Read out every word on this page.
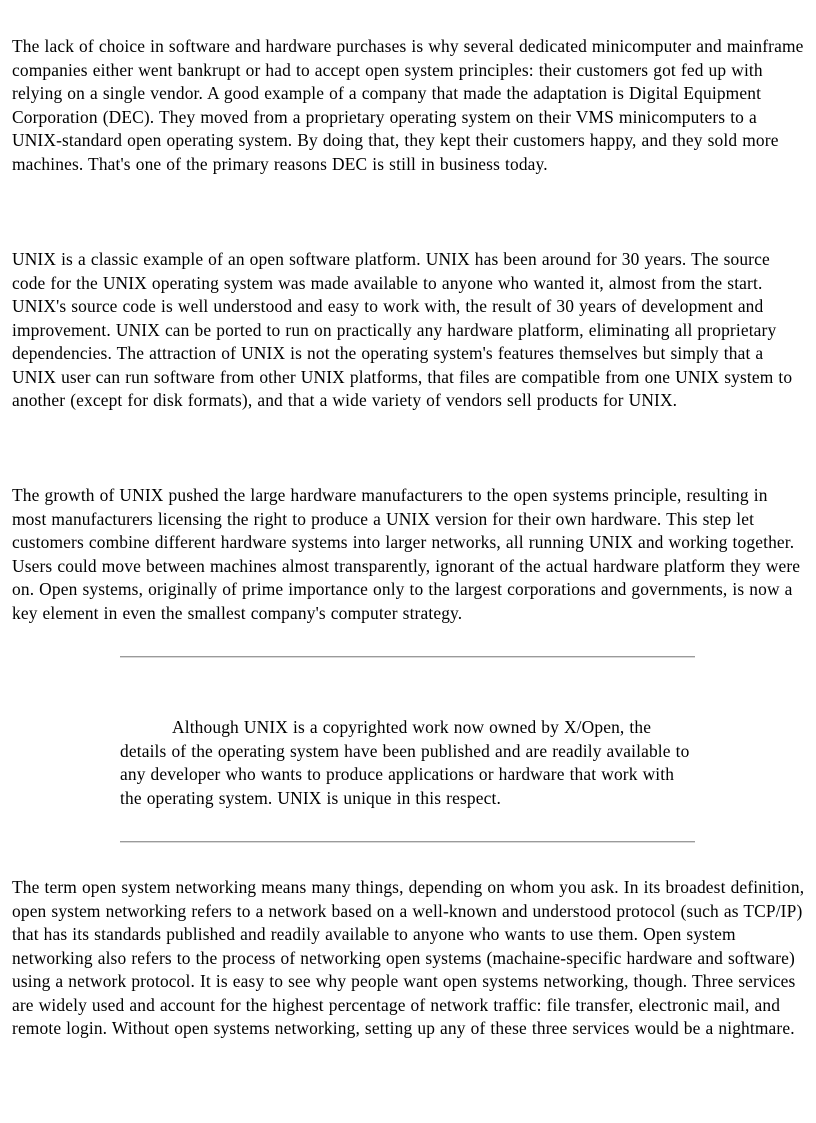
The lack of choice in software and hardware purchases is why several dedicated minicomputer and mainframe companies either went bankrupt or had to accept open system principles: their customers got fed up with relying on a single vendor. A good example of a company that made the adaptation is Digital Equipment Corporation (DEC). They moved from a proprietary operating system on their VMS minicomputers to a UNIX-standard open operating system. By doing that, they kept their customers happy, and they sold more machines. That's one of the primary reasons DEC is still in business today.

UNIX is a classic example of an open software platform. UNIX has been around for 30 years. The source code for the UNIX operating system was made available to anyone who wanted it, almost from the start. UNIX's source code is well understood and easy to work with, the result of 30 years of development and improvement. UNIX can be ported to run on practically any hardware platform, eliminating all proprietary dependencies. The attraction of UNIX is not the operating system's features themselves but simply that a UNIX user can run software from other UNIX platforms, that files are compatible from one UNIX system to another (except for disk formats), and that a wide variety of vendors sell products for UNIX.

The growth of UNIX pushed the large hardware manufacturers to the open systems principle, resulting in most manufacturers licensing the right to produce a UNIX version for their own hardware. This step let customers combine different hardware systems into larger networks, all running UNIX and working together. Users could move between machines almost transparently, ignorant of the actual hardware platform they were on. Open systems, originally of prime importance only to the largest corporations and governments, is now a key element in even the smallest company's computer strategy.

Although UNIX is a copyrighted work now owned by X/Open, the details of the operating system have been published and are readily available to any developer who wants to produce applications or hardware that work with the operating system. UNIX is unique in this respect.

The term open system networking means many things, depending on whom you ask. In its broadest definition, open system networking refers to a network based on a well-known and understood protocol (such as TCP/IP) that has its standards published and readily available to anyone who wants to use them. Open system networking also refers to the process of networking open systems (machaine-specific hardware and software) using a network protocol. It is easy to see why people want open systems networking, though. Three services are widely used and account for the highest percentage of network traffic: file transfer, electronic mail, and remote login. Without open systems networking, setting up any of these three services would be a nightmare.
